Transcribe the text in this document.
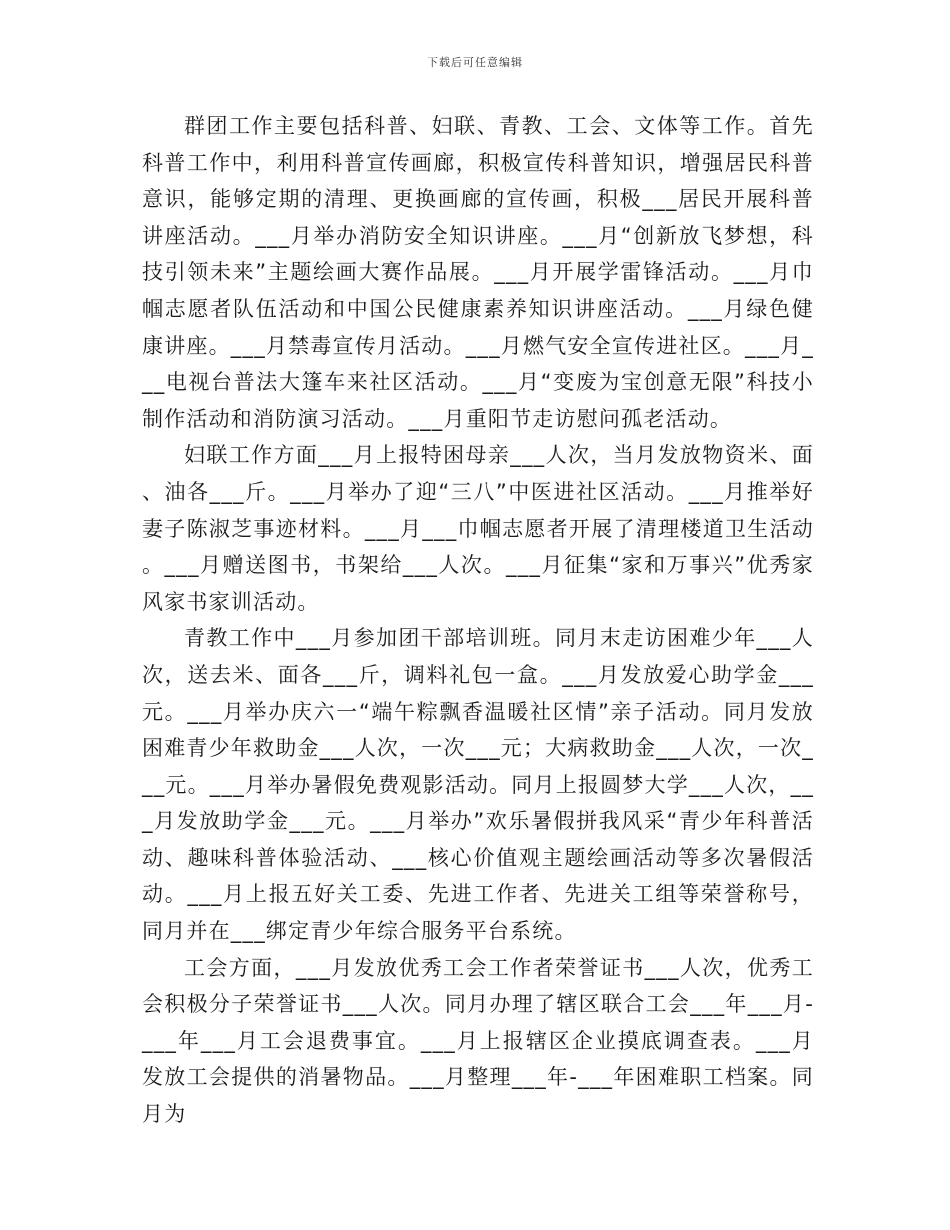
下载后可任意编辑

群团工作主要包括科普、妇联、青教、工会、文体等工作。首先科普工作中，利用科普宣传画廊，积极宣传科普知识，增强居民科普意识，能够定期的清理、更换画廊的宣传画，积极___居民开展科普讲座活动。___月举办消防安全知识讲座。___月“创新放飞梦想，科技引领未来”主题绘画大赛作品展。___月开展学雷锋活动。___月巾帼志愿者队伍活动和中国公民健康素养知识讲座活动。___月绿色健康讲座。___月禁毒宣传月活动。___月燃气安全宣传进社区。___月___电视台普法大篷车来社区活动。___月“变废为宝创意无限”科技小制作活动和消防演习活动。___月重阳节走访慰问孤老活动。

妇联工作方面___月上报特困母亲___人次，当月发放物资米、面、油各___斤。___月举办了迎“三八”中医进社区活动。___月推举好妻子陈淑芝事迹材料。___月___巾帼志愿者开展了清理楼道卫生活动。___月赠送图书，书架给___人次。___月征集“家和万事兴”优秀家风家书家训活动。

青教工作中___月参加团干部培训班。同月末走访困难少年___人次，送去米、面各___斤，调料礼包一盒。___月发放爱心助学金___元。___月举办庆六一“端午粽飘香温暖社区情”亲子活动。同月发放困难青少年救助金___人次，一次___元；大病救助金___人次，一次___元。___月举办暑假免费观影活动。同月上报圆梦大学___人次，___月发放助学金___元。___月举办”欢乐暑假拼我风采“青少年科普活动、趣味科普体验活动、___核心价值观主题绘画活动等多次暑假活动。___月上报五好关工委、先进工作者、先进关工组等荣誉称号，同月并在___绑定青少年综合服务平台系统。

工会方面，___月发放优秀工会工作者荣誉证书___人次，优秀工会积极分子荣誉证书___人次。同月办理了辖区联合工会___年___月-___年___月工会退费事宜。___月上报辖区企业摸底调查表。___月发放工会提供的消暑物品。___月整理___年-___年困难职工档案。同月为
